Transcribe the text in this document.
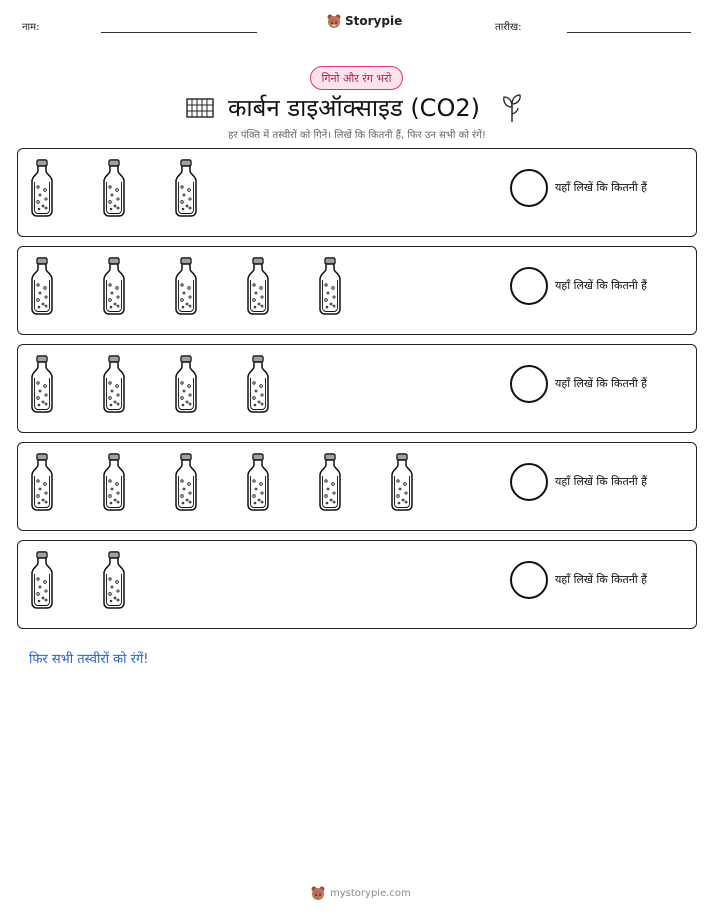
नाम:	Storypie	तारीख:
गिनो और रंग भरो
कार्बन डाइऑक्साइड (CO2)
हर पंक्ति में तस्वीरों को गिनें। लिखें कि कितनी हैं, फिर उन सभी को रंगें!
यहाँ लिखें कि कितनी हैं
यहाँ लिखें कि कितनी हैं
यहाँ लिखें कि कितनी हैं
यहाँ लिखें कि कितनी हैं
यहाँ लिखें कि कितनी हैं
फिर सभी तस्वीरों को रंगें!
mystorypie.com
